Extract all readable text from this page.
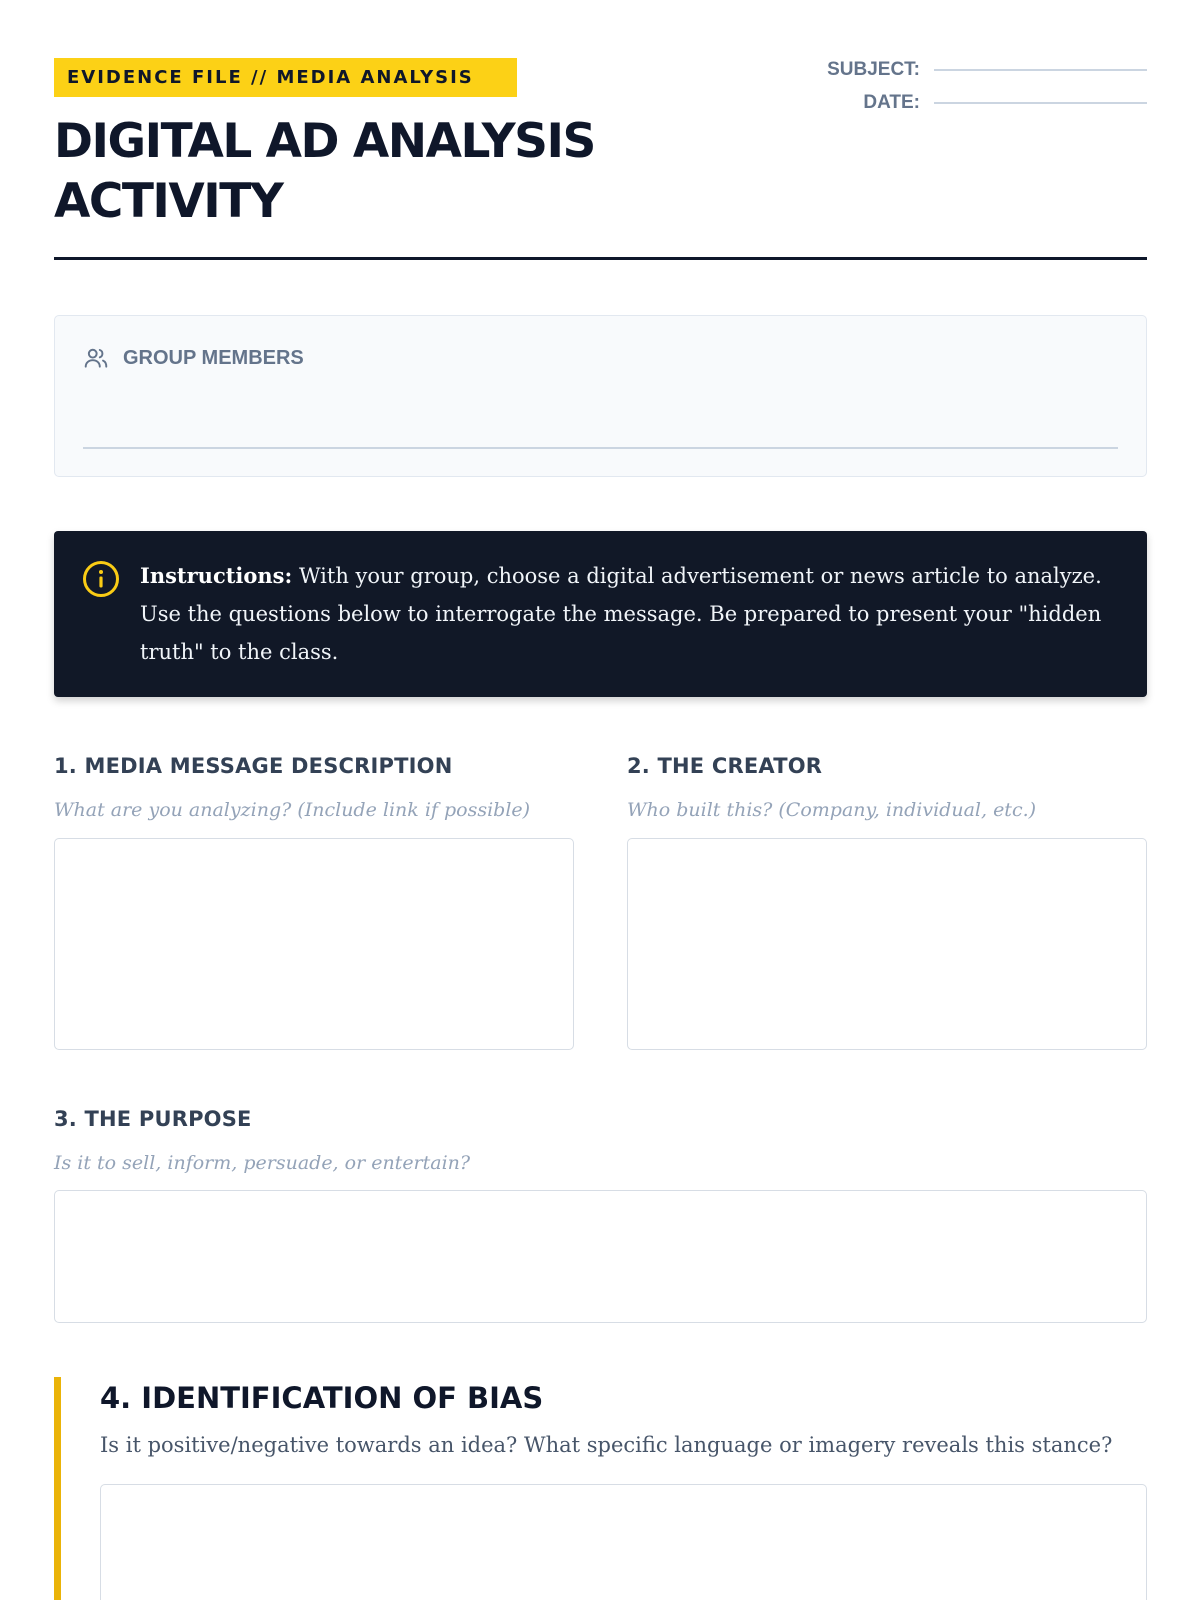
EVIDENCE FILE // MEDIA ANALYSIS
DIGITAL AD ANALYSIS
ACTIVITY
SUBJECT:
DATE:
GROUP MEMBERS

Instructions: With your group, choose a digital advertisement or news article to analyze. Use the questions below to interrogate the message. Be prepared to present your "hidden truth" to the class.

1. MEDIA MESSAGE DESCRIPTION
What are you analyzing? (Include link if possible)
2. THE CREATOR
Who built this? (Company, individual, etc.)
3. THE PURPOSE
Is it to sell, inform, persuade, or entertain?
4. IDENTIFICATION OF BIAS
Is it positive/negative towards an idea? What specific language or imagery reveals this stance?
